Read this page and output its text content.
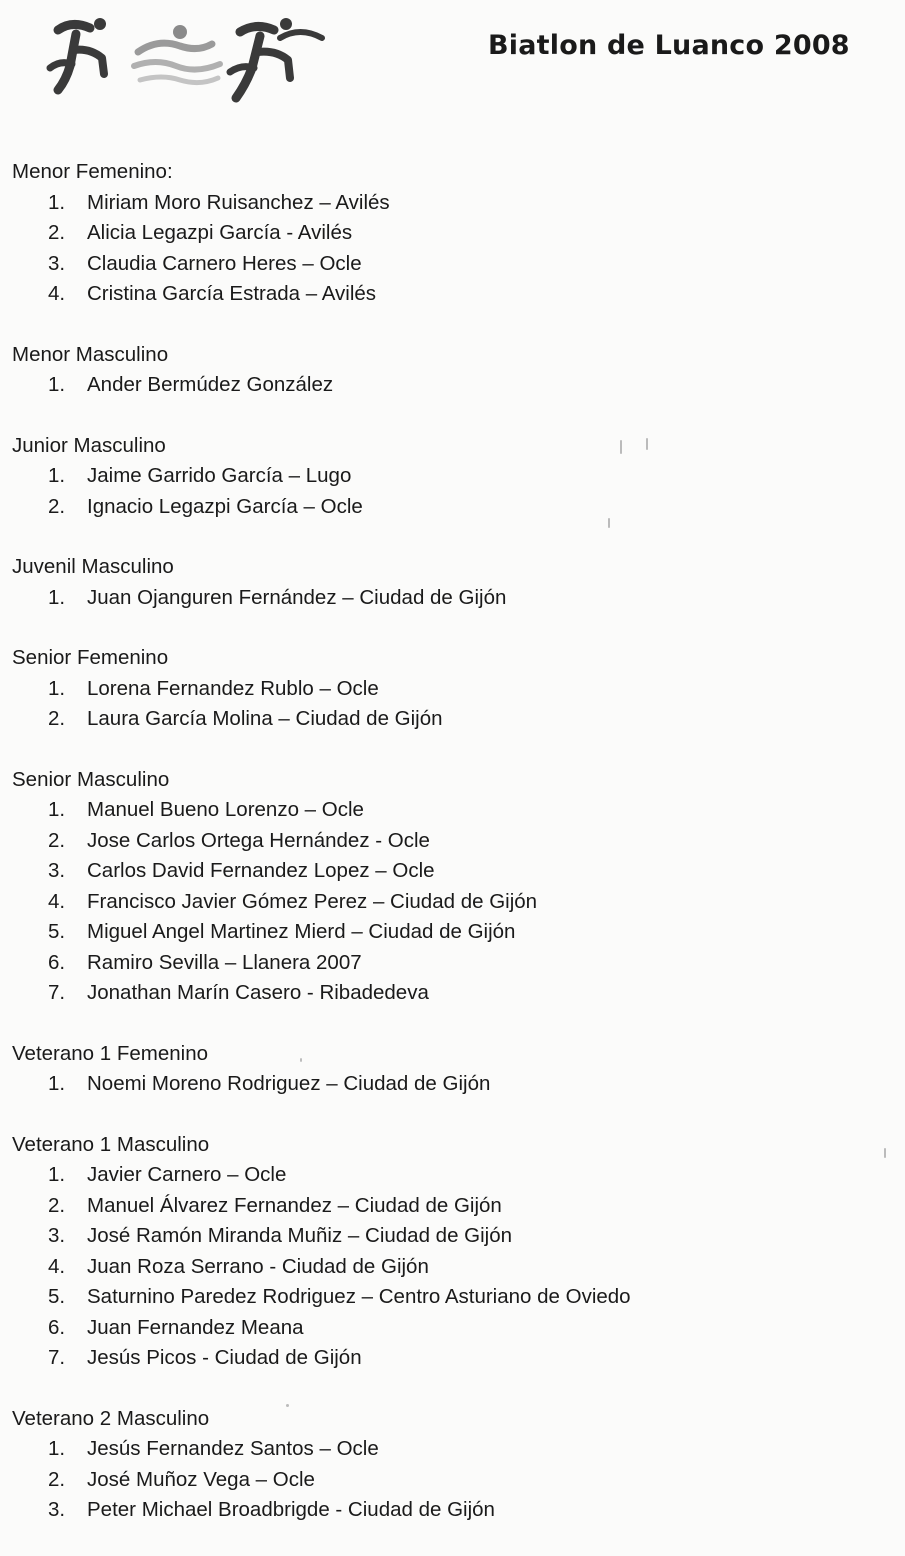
Biatlon de Luanco 2008
Menor Femenino:
1.	Miriam Moro Ruisanchez – Avilés
2.	Alicia Legazpi García - Avilés
3.	Claudia Carnero Heres – Ocle
4.	Cristina García Estrada – Avilés
Menor Masculino
1.	Ander Bermúdez González
Junior Masculino
1.	Jaime Garrido García – Lugo
2.	Ignacio Legazpi García – Ocle
Juvenil Masculino
1.	Juan Ojanguren Fernández – Ciudad de Gijón
Senior Femenino
1.	Lorena Fernandez Rublo – Ocle
2.	Laura García Molina – Ciudad de Gijón
Senior Masculino
1.	Manuel Bueno Lorenzo – Ocle
2.	Jose Carlos Ortega Hernández - Ocle
3.	Carlos David Fernandez Lopez – Ocle
4.	Francisco Javier Gómez Perez – Ciudad de Gijón
5.	Miguel Angel Martinez Mierd – Ciudad de Gijón
6.	Ramiro Sevilla – Llanera 2007
7.	Jonathan Marín Casero - Ribadedeva
Veterano 1 Femenino
1.	Noemi Moreno Rodriguez – Ciudad de Gijón
Veterano 1 Masculino
1.	Javier Carnero – Ocle
2.	Manuel Álvarez Fernandez – Ciudad de Gijón
3.	José Ramón Miranda Muñiz – Ciudad de Gijón
4.	Juan Roza Serrano - Ciudad de Gijón
5.	Saturnino Paredez Rodriguez – Centro Asturiano de Oviedo
6.	Juan Fernandez Meana
7.	Jesús Picos - Ciudad de Gijón
Veterano 2 Masculino
1.	Jesús Fernandez Santos – Ocle
2.	José Muñoz Vega – Ocle
3.	Peter Michael Broadbrigde - Ciudad de Gijón
